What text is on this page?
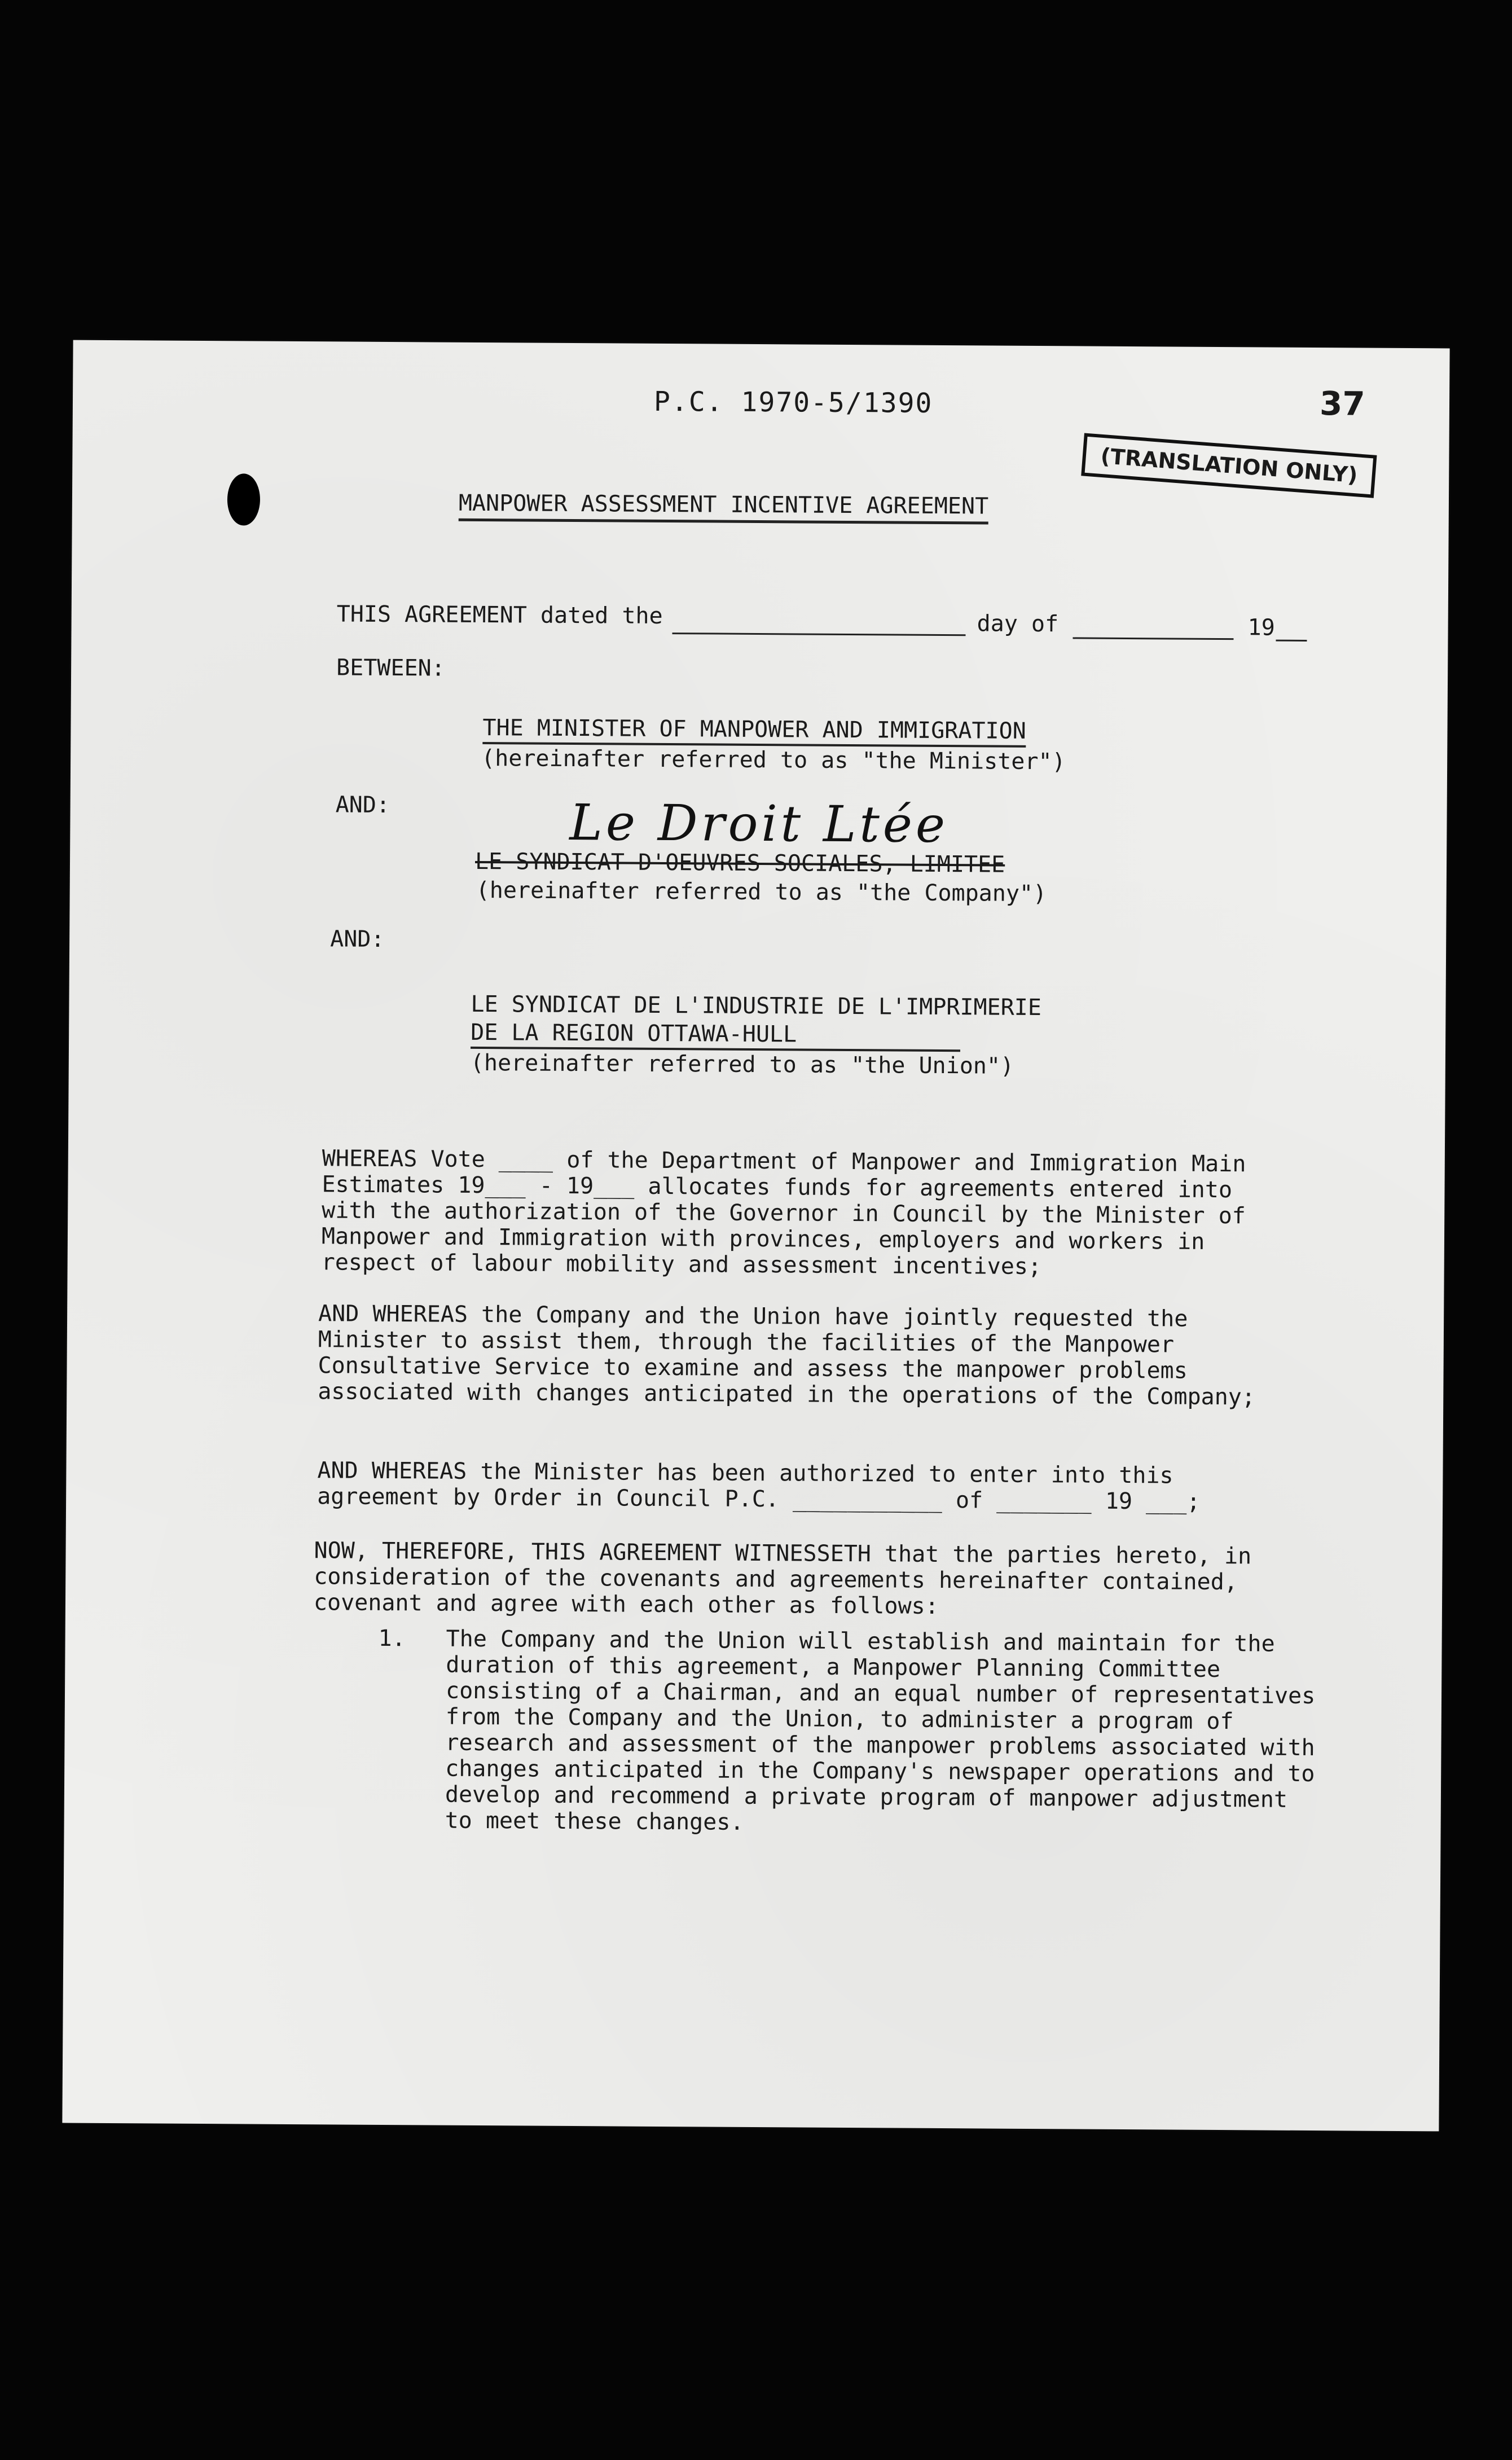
P.C. 1970-5/1390	37
(TRANSLATION ONLY)
MANPOWER ASSESSMENT INCENTIVE AGREEMENT
THIS AGREEMENT dated the	day of	19
BETWEEN:
THE MINISTER OF MANPOWER AND IMMIGRATION
(hereinafter referred to as "the Minister")
AND:	Le Droit Ltée
LE SYNDICAT D'OEUVRES SOCIALES, LIMITEE
(hereinafter referred to as "the Company")
AND:
LE SYNDICAT DE L'INDUSTRIE DE L'IMPRIMERIE
DE LA REGION OTTAWA-HULL
(hereinafter referred to as "the Union")
WHEREAS Vote ____ of the Department of Manpower and Immigration Main Estimates 19___ - 19___ allocates funds for agreements entered into with the authorization of the Governor in Council by the Minister of Manpower and Immigration with provinces, employers and workers in respect of labour mobility and assessment incentives;
AND WHEREAS the Company and the Union have jointly requested the Minister to assist them, through the facilities of the Manpower Consultative Service to examine and assess the manpower problems associated with changes anticipated in the operations of the Company;
AND WHEREAS the Minister has been authorized to enter into this agreement by Order in Council P.C. ___________ of _______ 19 ___;
NOW, THEREFORE, THIS AGREEMENT WITNESSETH that the parties hereto, in consideration of the covenants and agreements hereinafter contained, covenant and agree with each other as follows:
1. The Company and the Union will establish and maintain for the duration of this agreement, a Manpower Planning Committee consisting of a Chairman, and an equal number of representatives from the Company and the Union, to administer a program of research and assessment of the manpower problems associated with changes anticipated in the Company's newspaper operations and to develop and recommend a private program of manpower adjustment to meet these changes.
